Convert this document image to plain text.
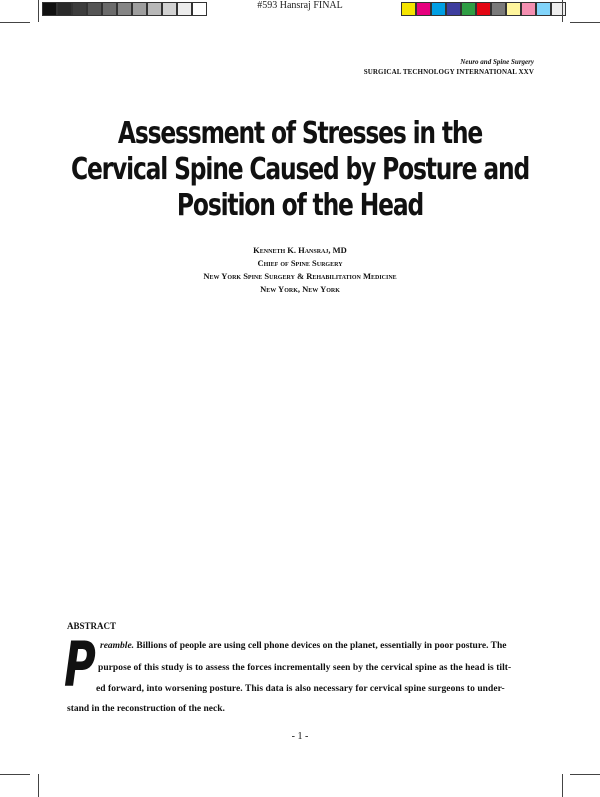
#593 Hansraj FINAL
Neuro and Spine Surgery
SURGICAL TECHNOLOGY INTERNATIONAL XXV
Assessment of Stresses in the
Cervical Spine Caused by Posture and
Position of the Head
Kenneth K. Hansraj, MD
Chief of Spine Surgery
New York Spine Surgery & Rehabilitation Medicine
New York, New York
ABSTRACT
P reamble. Billions of people are using cell phone devices on the planet, essentially in poor posture. The
purpose of this study is to assess the forces incrementally seen by the cervical spine as the head is tilt-
ed forward, into worsening posture. This data is also necessary for cervical spine surgeons to under-
stand in the reconstruction of the neck.
- 1 -
